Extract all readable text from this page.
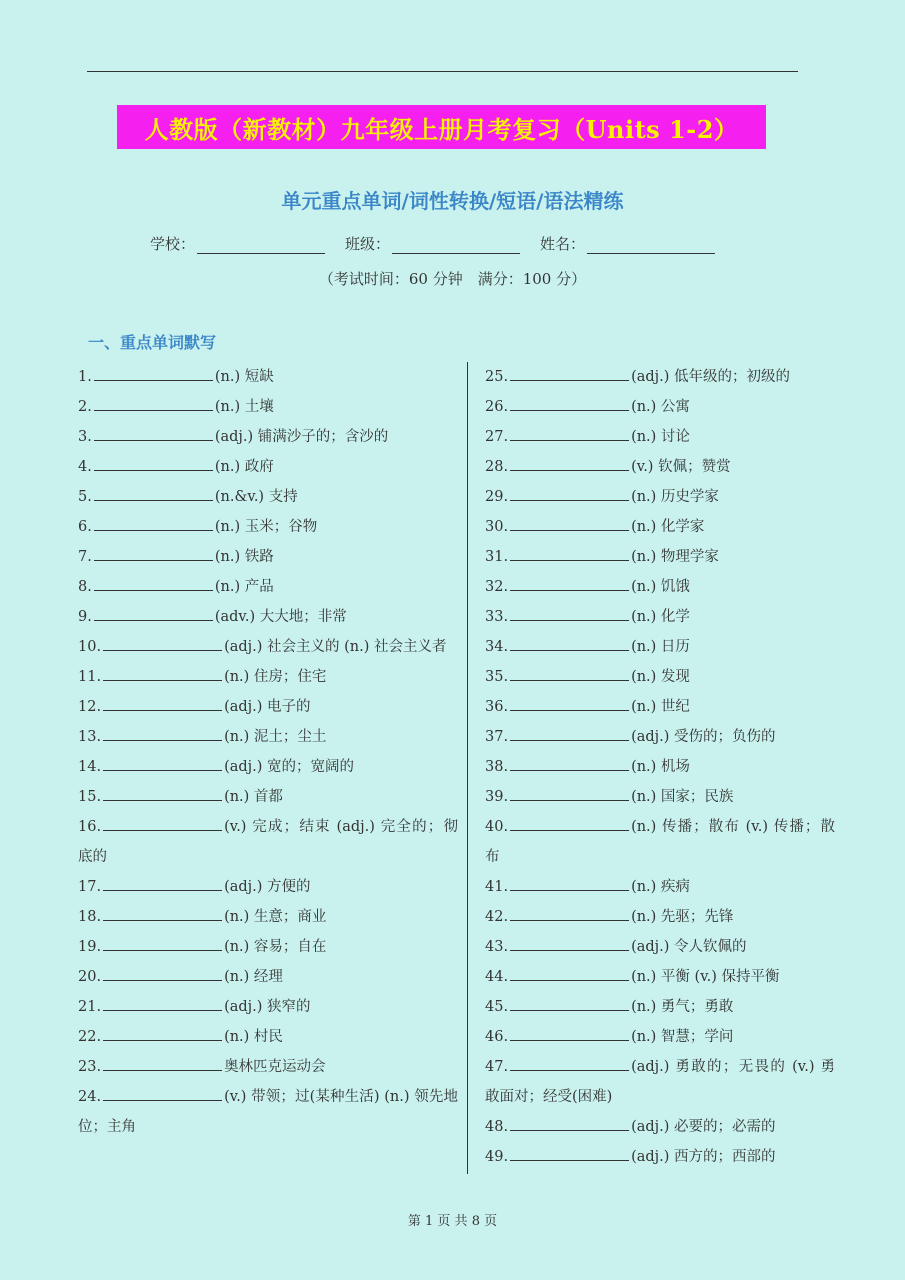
人教版（新教材）九年级上册月考复习（Units 1-2）
单元重点单词/词性转换/短语/语法精练
学校：	班级：	姓名：
（考试时间：60 分钟　满分：100 分）
一、重点单词默写
1.	(n.) 短缺
2.	(n.) 土壤
3.	(adj.) 铺满沙子的；含沙的
4.	(n.) 政府
5.	(n.&v.) 支持
6.	(n.) 玉米；谷物
7.	(n.) 铁路
8.	(n.) 产品
9.	(adv.) 大大地；非常
10.	(adj.) 社会主义的 (n.) 社会主义者
11.	(n.) 住房；住宅
12.	(adj.) 电子的
13.	(n.) 泥土；尘土
14.	(adj.) 宽的；宽阔的
15.	(n.) 首都
16.	(v.) 完成；结束 (adj.) 完全的；彻底的
17.	(adj.) 方便的
18.	(n.) 生意；商业
19.	(n.) 容易；自在
20.	(n.) 经理
21.	(adj.) 狭窄的
22.	(n.) 村民
23.	奥林匹克运动会
24.	(v.) 带领；过(某种生活) (n.) 领先地位；主角
25.	(adj.) 低年级的；初级的
26.	(n.) 公寓
27.	(n.) 讨论
28.	(v.) 钦佩；赞赏
29.	(n.) 历史学家
30.	(n.) 化学家
31.	(n.) 物理学家
32.	(n.) 饥饿
33.	(n.) 化学
34.	(n.) 日历
35.	(n.) 发现
36.	(n.) 世纪
37.	(adj.) 受伤的；负伤的
38.	(n.) 机场
39.	(n.) 国家；民族
40.	(n.) 传播；散布 (v.) 传播；散布
41.	(n.) 疾病
42.	(n.) 先驱；先锋
43.	(adj.) 令人钦佩的
44.	(n.) 平衡 (v.) 保持平衡
45.	(n.) 勇气；勇敢
46.	(n.) 智慧；学问
47.	(adj.) 勇敢的；无畏的 (v.) 勇敢面对；经受(困难)
48.	(adj.) 必要的；必需的
49.	(adj.) 西方的；西部的
第 1 页 共 8 页
